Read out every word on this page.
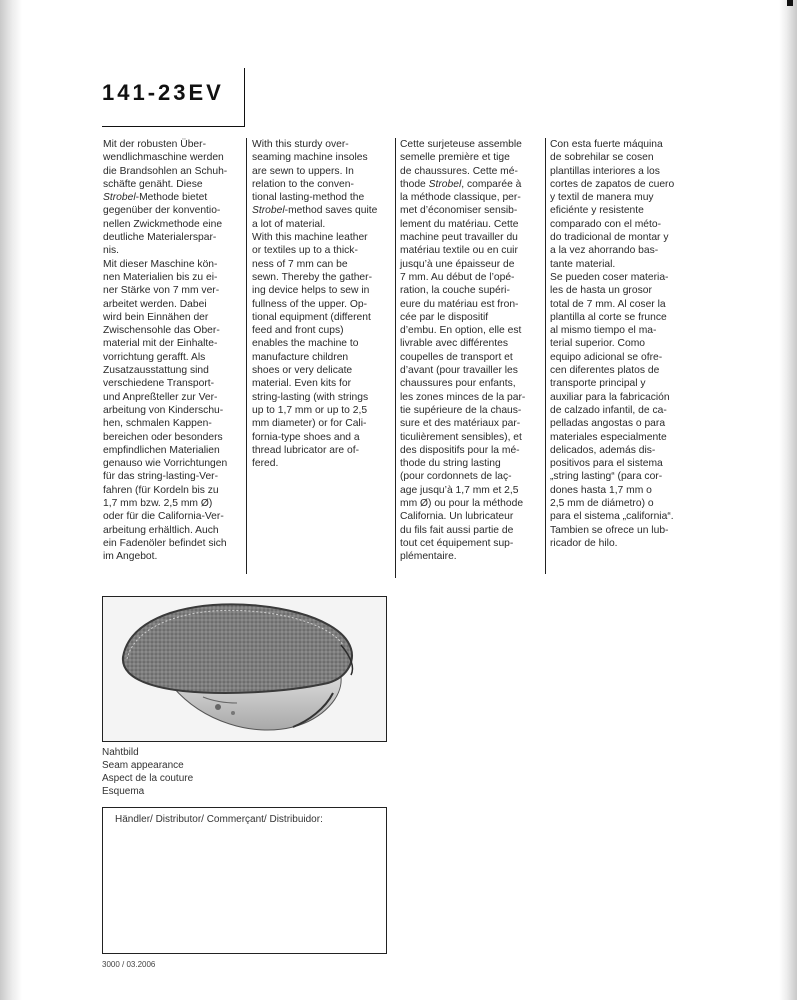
141-23EV
Mit der robusten Über-
wendlichmaschine werden
die Brandsohlen an Schuh-
schäfte genäht. Diese
Strobel-Methode bietet
gegenüber der konventio-
nellen Zwickmethode eine
deutliche Materialerspar-
nis.
Mit dieser Maschine kön-
nen Materialien bis zu ei-
ner Stärke von 7 mm ver-
arbeitet werden. Dabei
wird bein Einnähen der
Zwischensohle das Ober-
material mit der Einhalte-
vorrichtung gerafft. Als
Zusatzausstattung sind
verschiedene Transport-
und Anpreßteller zur Ver-
arbeitung von Kinderschu-
hen, schmalen Kappen-
bereichen oder besonders
empfindlichen Materialien
genauso wie Vorrichtungen
für das string-lasting-Ver-
fahren (für Kordeln bis zu
1,7 mm bzw. 2,5 mm Ø)
oder für die California-Ver-
arbeitung erhältlich. Auch
ein Fadenöler befindet sich
im Angebot.
With this sturdy over-
seaming machine insoles
are sewn to uppers. In
relation to the conven-
tional lasting-method the
Strobel-method saves quite
a lot of material.
With this machine leather
or textiles up to a thick-
ness of 7 mm can be
sewn. Thereby the gather-
ing device helps to sew in
fullness of the upper. Op-
tional equipment (different
feed and front cups)
enables the machine to
manufacture children
shoes or very delicate
material. Even kits for
string-lasting (with strings
up to 1,7 mm or up to 2,5
mm diameter) or for Cali-
fornia-type shoes and a
thread lubricator are of-
fered.
Cette surjeteuse assemble
semelle première et tige
de chaussures. Cette mé-
thode Strobel, comparée à
la méthode classique, per-
met d’économiser sensib-
lement du matériau. Cette
machine peut travailler du
matériau textile ou en cuir
jusqu’à une épaisseur de
7 mm. Au début de l’opé-
ration, la couche supéri-
eure du matériau est fron-
cée par le dispositif
d’embu. En option, elle est
livrable avec différentes
coupelles de transport et
d’avant (pour travailler les
chaussures pour enfants,
les zones minces de la par-
tie supérieure de la chaus-
sure et des matériaux par-
ticulièrement sensibles), et
des dispositifs pour la mé-
thode du string lasting
(pour cordonnets de laç-
age jusqu’à 1,7 mm et 2,5
mm Ø) ou pour la méthode
California. Un lubricateur
du fils fait aussi partie de
tout cet équipement sup-
plémentaire.
Con esta fuerte máquina
de sobrehilar se cosen
plantillas interiores a los
cortes de zapatos de cuero
y textil de manera muy
eficiénte y resistente
comparado con el méto-
do tradicional de montar y
a la vez ahorrando bas-
tante material.
Se pueden coser materia-
les de hasta un grosor
total de 7 mm. Al coser la
plantilla al corte se frunce
al mismo tiempo el ma-
terial superior. Como
equipo adicional se ofre-
cen diferentes platos de
transporte principal y
auxiliar para la fabricación
de calzado infantil, de ca-
pelladas angostas o para
materiales especialmente
delicados, además dis-
positivos para el sistema
„string lasting“ (para cor-
dones hasta 1,7 mm o
2,5 mm de diámetro) o
para el sistema „california“.
Tambien se ofrece un lub-
ricador de hilo.
Nahtbild
Seam appearance
Aspect de la couture
Esquema
Händler/ Distributor/ Commerçant/ Distribuidor:
3000 / 03.2006
